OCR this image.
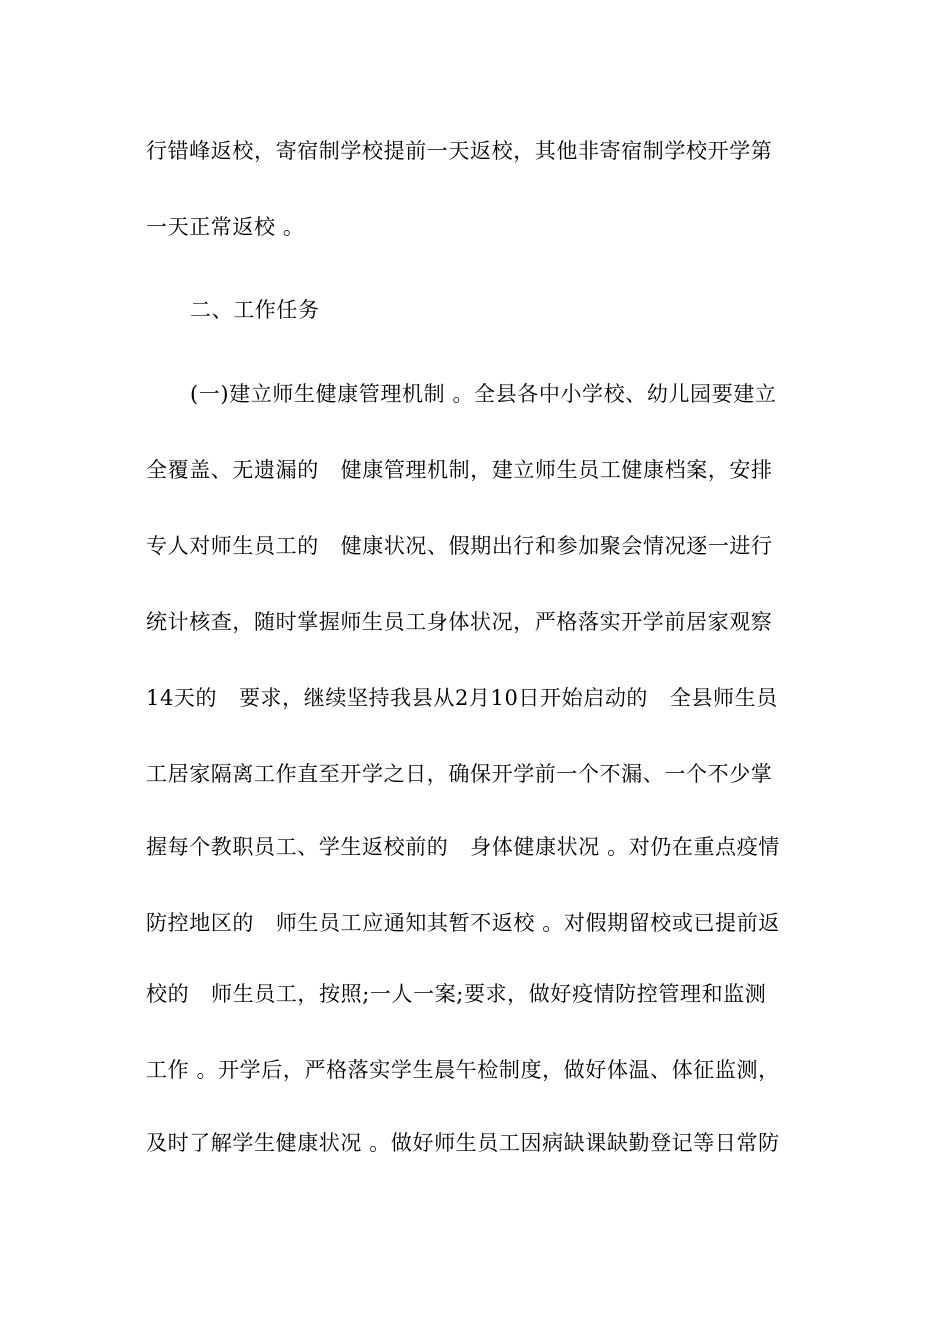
行错峰返校，寄宿制学校提前一天返校，其他非寄宿制学校开学第
一天正常返校 。
二、工作任务
(一)建立师生健康管理机制 。全县各中小学校、幼儿园要建立
全覆盖、无遗漏的   健康管理机制，建立师生员工健康档案，安排
专人对师生员工的   健康状况、假期出行和参加聚会情况逐一进行
统计核查，随时掌握师生员工身体状况，严格落实开学前居家观察
14天的   要求，继续坚持我县从2月10日开始启动的   全县师生员
工居家隔离工作直至开学之日，确保开学前一个不漏、一个不少掌
握每个教职员工、学生返校前的   身体健康状况 。对仍在重点疫情
防控地区的   师生员工应通知其暂不返校 。对假期留校或已提前返
校的   师生员工，按照;一人一案;要求，做好疫情防控管理和监测
工作 。开学后，严格落实学生晨午检制度，做好体温、体征监测，
及时了解学生健康状况 。做好师生员工因病缺课缺勤登记等日常防
